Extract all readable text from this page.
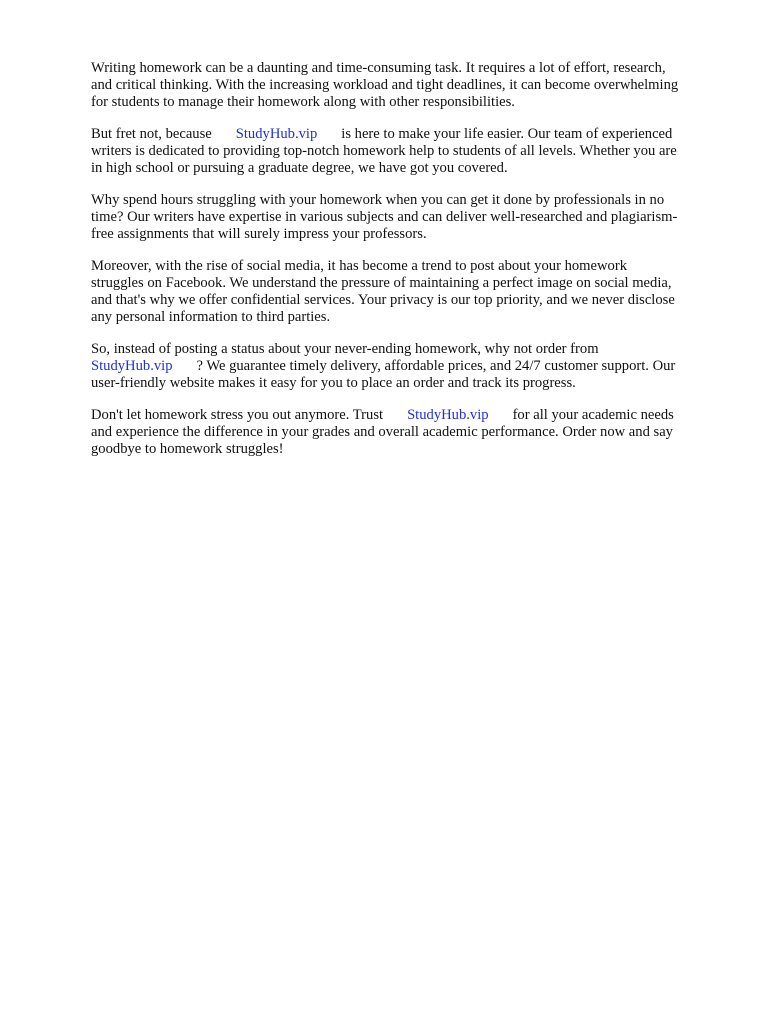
Writing homework can be a daunting and time-consuming task. It requires a lot of effort, research,
and critical thinking. With the increasing workload and tight deadlines, it can become overwhelming
for students to manage their homework along with other responsibilities.

But fret not, because StudyHub.vip is here to make your life easier. Our team of experienced
writers is dedicated to providing top-notch homework help to students of all levels. Whether you are
in high school or pursuing a graduate degree, we have got you covered.

Why spend hours struggling with your homework when you can get it done by professionals in no
time? Our writers have expertise in various subjects and can deliver well-researched and plagiarism-
free assignments that will surely impress your professors.

Moreover, with the rise of social media, it has become a trend to post about your homework
struggles on Facebook. We understand the pressure of maintaining a perfect image on social media,
and that's why we offer confidential services. Your privacy is our top priority, and we never disclose
any personal information to third parties.

So, instead of posting a status about your never-ending homework, why not order from
StudyHub.vip ? We guarantee timely delivery, affordable prices, and 24/7 customer support. Our
user-friendly website makes it easy for you to place an order and track its progress.

Don't let homework stress you out anymore. Trust StudyHub.vip for all your academic needs
and experience the difference in your grades and overall academic performance. Order now and say
goodbye to homework struggles!
